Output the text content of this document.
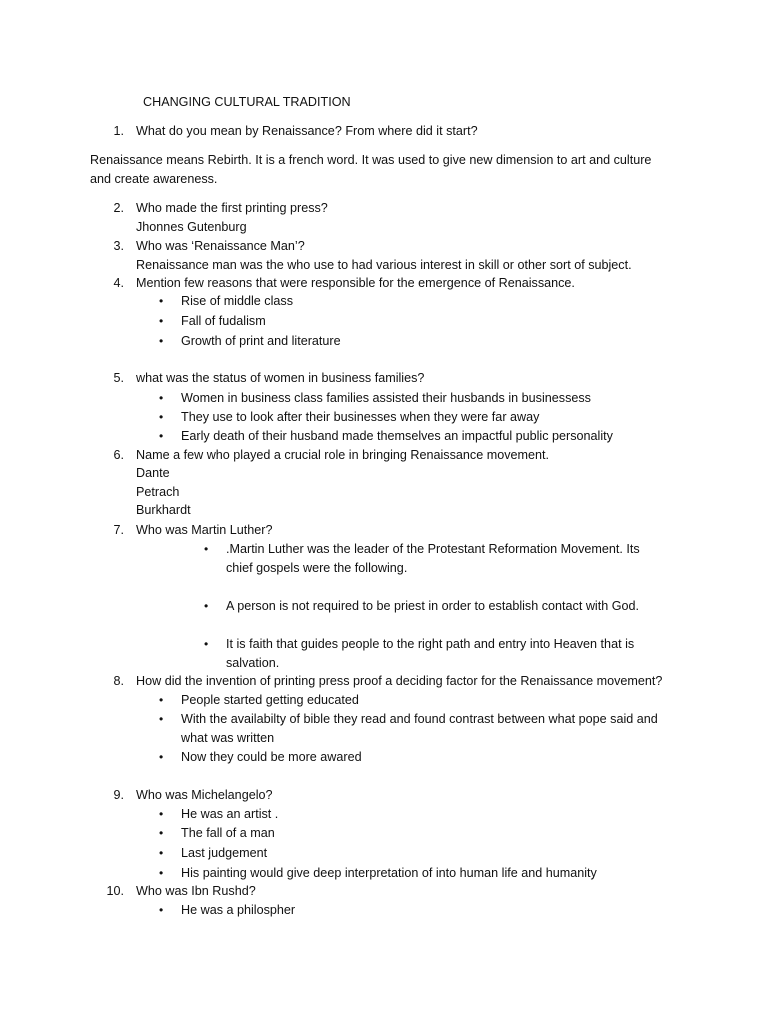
CHANGING CULTURAL TRADITION
1. What do you mean by Renaissance? From where did it start?
Renaissance means Rebirth. It is a french word. It was used to give new dimension to art and culture
and create awareness.
2. Who made the first printing press?
Jhonnes Gutenburg
3. Who was ‘Renaissance Man’?
Renaissance man was the who use to had various interest in skill or other sort of subject.
4. Mention few reasons that were responsible for the emergence of Renaissance.
• Rise of middle class
• Fall of fudalism
• Growth of print and literature
5. what was the status of women in business families?
• Women in business class families assisted their husbands in businessess
• They use to look after their businesses when they were far away
• Early death of their husband made themselves an impactful public personality
6. Name a few who played a crucial role in bringing Renaissance movement.
Dante
Petrach
Burkhardt
7. Who was Martin Luther?
• .Martin Luther was the leader of the Protestant Reformation Movement. Its
chief gospels were the following.
• A person is not required to be priest in order to establish contact with God.
• It is faith that guides people to the right path and entry into Heaven that is
salvation.
8. How did the invention of printing press proof a deciding factor for the Renaissance movement?
• People started getting educated
• With the availabilty of bible they read and found contrast between what pope said and
what was written
• Now they could be more awared
9. Who was Michelangelo?
• He was an artist .
• The fall of a man
• Last judgement
• His painting would give deep interpretation of into human life and humanity
10. Who was Ibn Rushd?
• He was a philospher
